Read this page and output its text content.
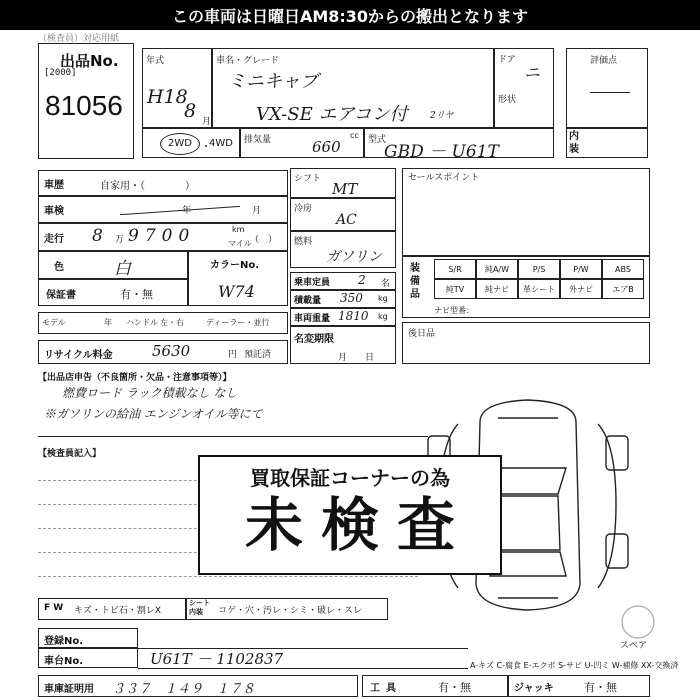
この車両は日曜日AM8:30からの搬出となります
（検査員）対応用紙
出品No.
[2000]
81056
年式
H18
8 月
車名・グレード
ミニキャブ
VX-SE エアコン付 2リヤ
ドア
ニ
形状
評価点
内装
2WD ・
4WD 排気量	660
cc 型式
GBD － U61T
車歴	自家用・（　　　　）
車検	年	月
走行 8 万 9700	km
マイル
（　）
色	白	カラーNo.
W74
保証書	有・無
モデル	年 ハンドル 左・右	ディーラー・並行
リサイクル料金	5630	円 預託済
シフト
MT
冷房
AC
燃料
ガソリン
乗車定員 2 名
積載量 350 kg
車両重量 1810 kg
名変期限
月日
セールスポイント
装備品
S/R	純A/W	P/S	P/W	ABS
純TV	純ナビ	革シート	外ナビ	エアB
ナビ型番：
後日品
【出品店申告（不良箇所・欠品・注意事項等）】
燃費ロード ラック積載なし なし
※ガソリンの給油 エンジンオイル等にて
【検査員記入】
買取保証コーナーの為
未検査
スペア
F W キズ・トビ石・割レX
シート内装	コゲ・穴・汚レ・シミ・破レ・スレ
登録No.
車台No.	U61T － 1102837	A-キズ C-腐食 E-エクボ S-サビ U-凹ミ W-補修 XX-交換済
車庫証明用 ３３７　１４９　１７８	工具	有・無	ジャッキ	有・無
